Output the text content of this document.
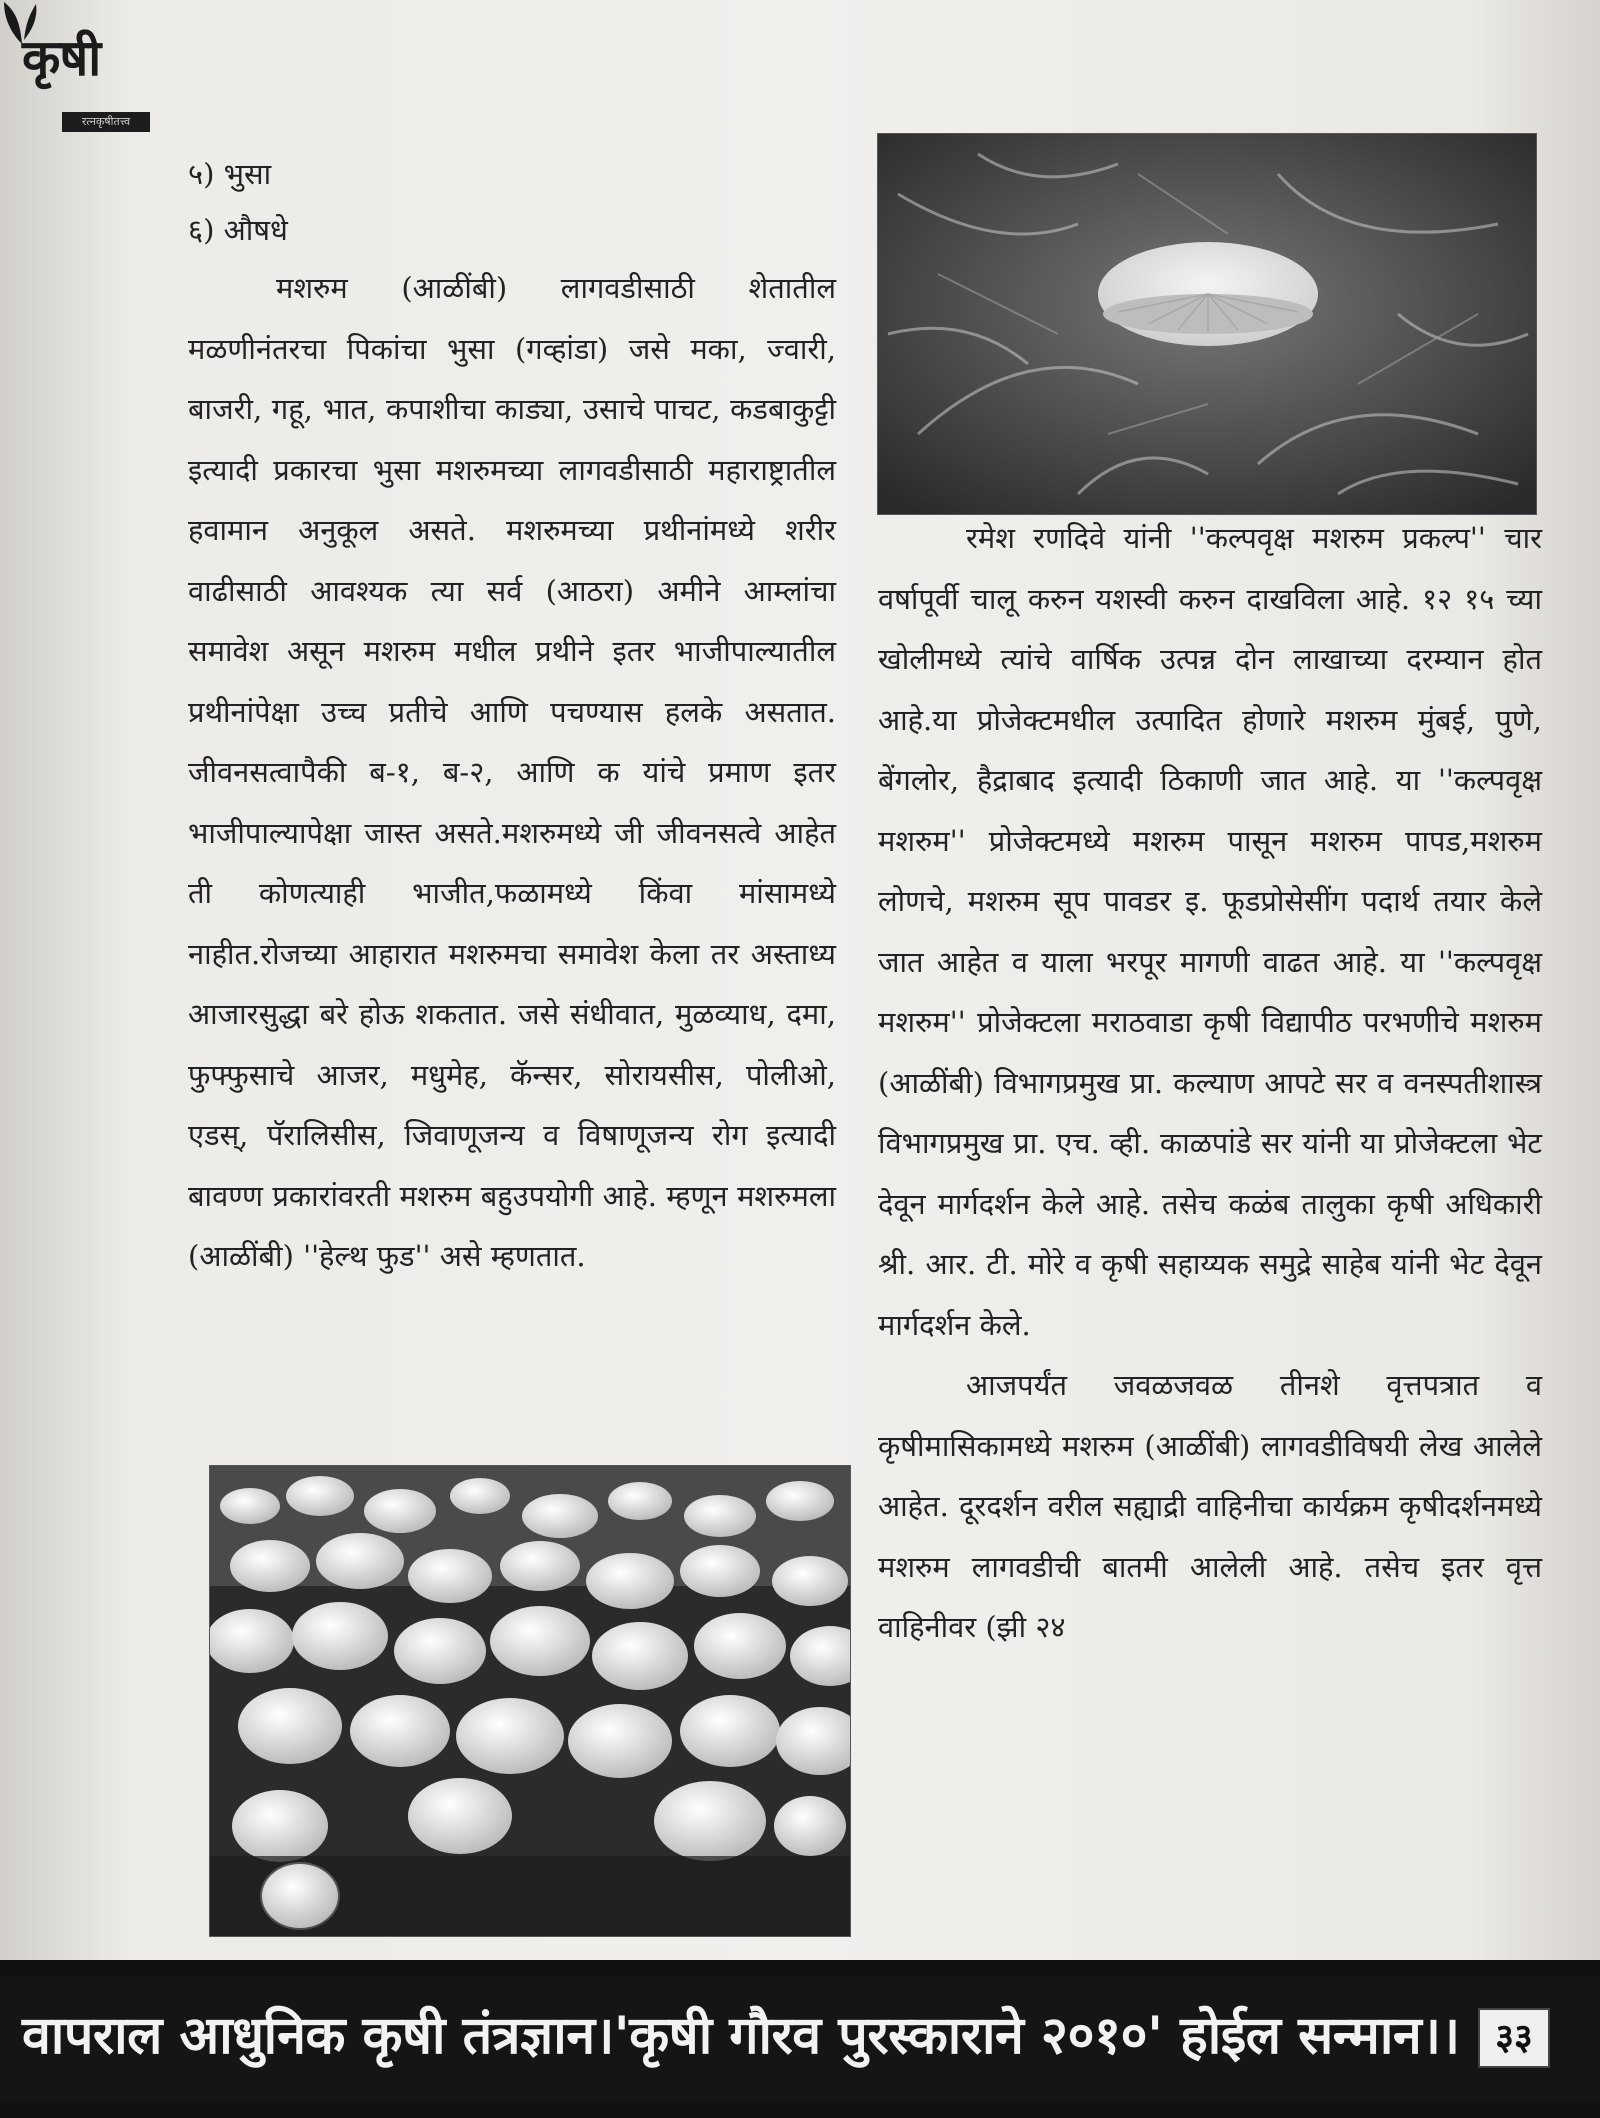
कृषी
रत्नकृषीतत्त्व

५) भुसा

६) औषधे

मशरुम (आळींबी) लागवडीसाठी शेतातील मळणीनंतरचा पिकांचा भुसा (गव्हांडा) जसे मका, ज्वारी, बाजरी, गहू, भात, कपाशीचा काड्या, उसाचे पाचट, कडबाकुट्टी इत्यादी प्रकारचा भुसा मशरुमच्या लागवडीसाठी महाराष्ट्रातील हवामान अनुकूल असते. मशरुमच्या प्रथीनांमध्ये शरीर वाढीसाठी आवश्यक त्या सर्व (आठरा) अमीने आम्लांचा समावेश असून मशरुम मधील प्रथीने इतर भाजीपाल्यातील प्रथीनांपेक्षा उच्च प्रतीचे आणि पचण्यास हलके असतात. जीवनसत्वापैकी ब-१, ब-२, आणि क यांचे प्रमाण इतर भाजीपाल्यापेक्षा जास्त असते.मशरुमध्ये जी जीवनसत्वे आहेत ती कोणत्याही भाजीत,फळामध्ये किंवा मांसामध्ये नाहीत.रोजच्या आहारात मशरुमचा समावेश केला तर अस्ताध्य आजारसुद्धा बरे होऊ शकतात. जसे संधीवात, मुळव्याध, दमा, फुफ्फुसाचे आजर, मधुमेह, कॅन्सर, सोरायसीस, पोलीओ, एडस्, पॅरालिसीस, जिवाणूजन्य व विषाणूजन्य रोग इत्यादी बावण्ण प्रकारांवरती मशरुम बहुउपयोगी आहे. म्हणून मशरुमला (आळींबी) ''हेल्थ फुड'' असे म्हणतात.

रमेश रणदिवे यांनी ''कल्पवृक्ष मशरुम प्रकल्प'' चार वर्षापूर्वी चालू करुन यशस्वी करुन दाखविला आहे. १२ १५ च्या खोलीमध्ये त्यांचे वार्षिक उत्पन्न दोन लाखाच्या दरम्यान होत आहे.या प्रोजेक्टमधील उत्पादित होणारे मशरुम मुंबई, पुणे, बेंगलोर, हैद्राबाद इत्यादी ठिकाणी जात आहे. या ''कल्पवृक्ष मशरुम'' प्रोजेक्टमध्ये मशरुम पासून मशरुम पापड,मशरुम लोणचे, मशरुम सूप पावडर इ. फूडप्रोसेसींग पदार्थ तयार केले जात आहेत व याला भरपूर मागणी वाढत आहे. या ''कल्पवृक्ष मशरुम'' प्रोजेक्टला मराठवाडा कृषी विद्यापीठ परभणीचे मशरुम (आळींबी) विभागप्रमुख प्रा. कल्याण आपटे सर व वनस्पतीशास्त्र विभागप्रमुख प्रा. एच. व्ही. काळपांडे सर यांनी या प्रोजेक्टला भेट देवून मार्गदर्शन केले आहे. तसेच कळंब तालुका कृषी अधिकारी श्री. आर. टी. मोरे व कृषी सहाय्यक समुद्रे साहेब यांनी भेट देवून मार्गदर्शन केले.

आजपर्यंत जवळजवळ तीनशे वृत्तपत्रात व कृषीमासिकामध्ये मशरुम (आळींबी) लागवडीविषयी लेख आलेले आहेत. दूरदर्शन वरील सह्याद्री वाहिनीचा कार्यक्रम कृषीदर्शनमध्ये मशरुम लागवडीची बातमी आलेली आहे. तसेच इतर वृत्त वाहिनीवर (झी २४

वापराल आधुनिक कृषी तंत्रज्ञान।'कृषी गौरव पुरस्काराने २०१०' होईल सन्मान।। ३३
